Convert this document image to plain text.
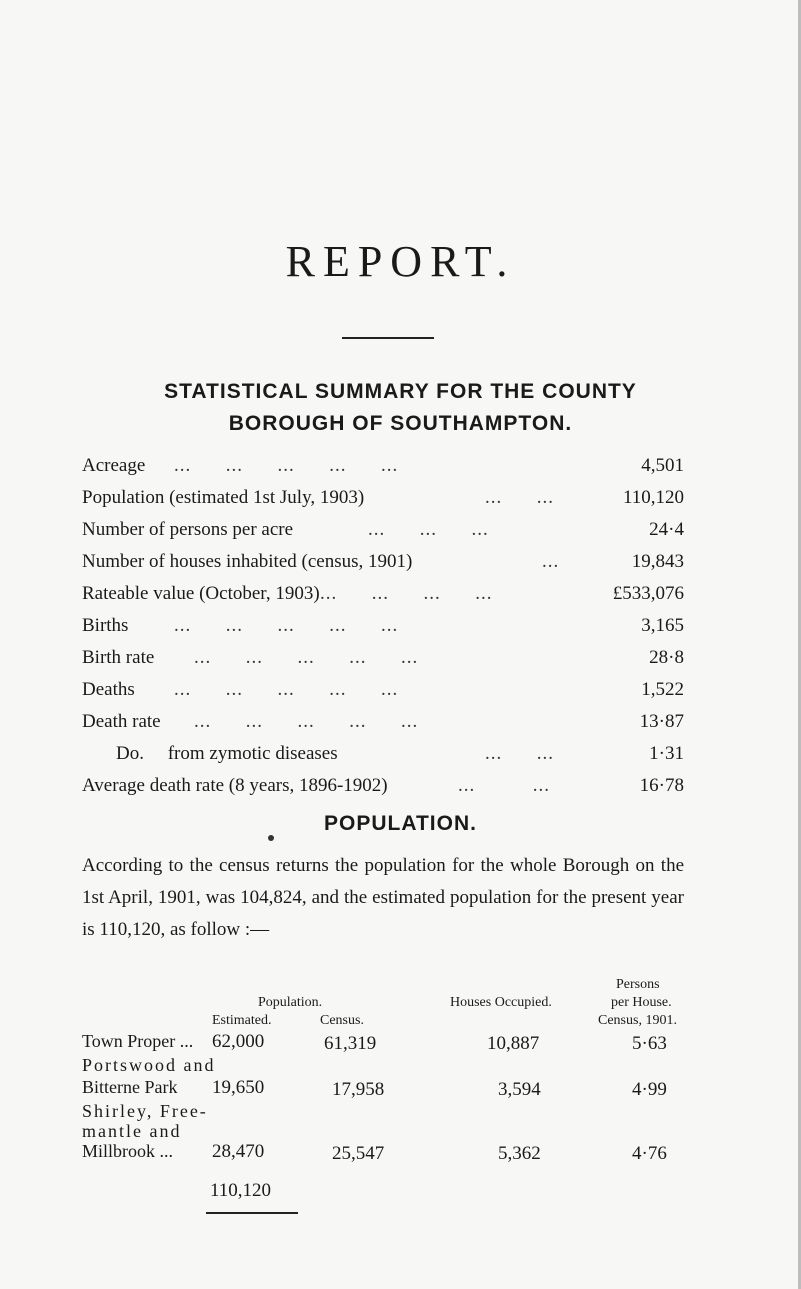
REPORT.
STATISTICAL SUMMARY FOR THE COUNTY
BOROUGH OF SOUTHAMPTON.
Acreage ...      ...      ...      ...      ...	4,501
Population (estimated 1st July, 1903)	...      ...	110,120
Number of persons per acre	...      ...      ...	24·4
Number of houses inhabited (census, 1901)	...	19,843
Rateable value (October, 1903) ...      ...      ...      ...	£533,076
Births ...      ...      ...      ...      ...	3,165
Birth rate ...      ...      ...      ...      ...	28·8
Deaths ...      ...      ...      ...      ...	1,522
Death rate ...      ...      ...      ...      ...	13·87
Do.     from zymotic diseases	...      ...	1·31
Average death rate (8 years, 1896-1902)	...          ...	16·78
POPULATION.
According to the census returns the population for the whole Borough on the 1st April, 1901, was 104,824, and the estimated population for the present year is 110,120, as follow :—
Population.
Estimated.	Census.
Houses Occupied.
Persons
per House.
Census, 1901.
Town Proper ... 62,000	61,319	10,887	5·63
Portswood and
Bitterne Park 19,650	17,958	3,594	4·99
Shirley, Free-
mantle and
Millbrook ... 28,470	25,547	5,362	4·76
110,120
